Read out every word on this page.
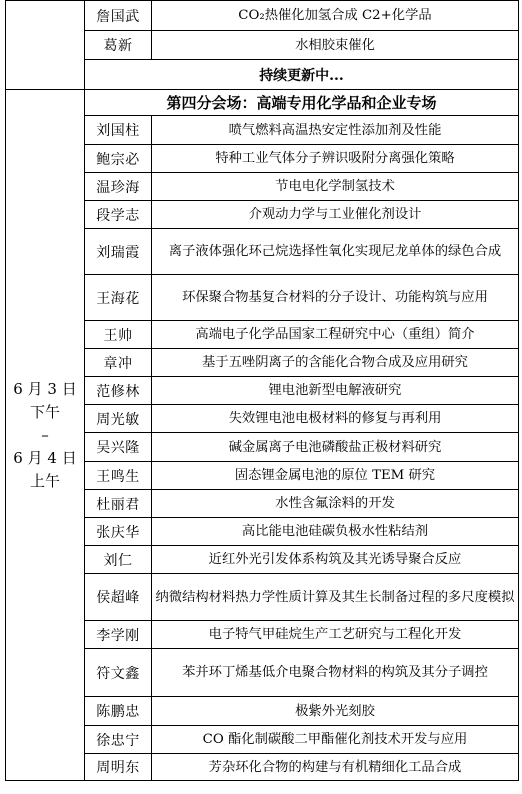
	詹国武	CO₂热催化加氢合成 C2+化学品
	葛新	水相胶束催化
	持续更新中...	

6 月 3 日
下午
–
6 月 4 日
上午	第四分会场：高端专用化学品和企业专场	
	刘国柱	喷气燃料高温热安定性添加剂及性能
	鲍宗必	特种工业气体分子辨识吸附分离强化策略
	温珍海	节电电化学制氢技术
	段学志	介观动力学与工业催化剂设计
	刘瑞霞	离子液体强化环己烷选择性氧化实现尼龙单体的绿色合成
	王海花	环保聚合物基复合材料的分子设计、功能构筑与应用
	王帅	高端电子化学品国家工程研究中心（重组）简介
	章冲	基于五唑阴离子的含能化合物合成及应用研究
	范修林	锂电池新型电解液研究
	周光敏	失效锂电池电极材料的修复与再利用
	吴兴隆	碱金属离子电池磷酸盐正极材料研究
	王鸣生	固态锂金属电池的原位 TEM 研究
	杜丽君	水性含氟涂料的开发
	张庆华	高比能电池硅碳负极水性粘结剂
	刘仁	近红外光引发体系构筑及其光诱导聚合反应
	侯超峰	纳微结构材料热力学性质计算及其生长制备过程的多尺度模拟
	李学刚	电子特气甲硅烷生产工艺研究与工程化开发
	符文鑫	苯并环丁烯基低介电聚合物材料的构筑及其分子调控
	陈鹏忠	极紫外光刻胶
	徐忠宁	CO 酯化制碳酸二甲酯催化剂技术开发与应用
	周明东	芳杂环化合物的构建与有机精细化工品合成
